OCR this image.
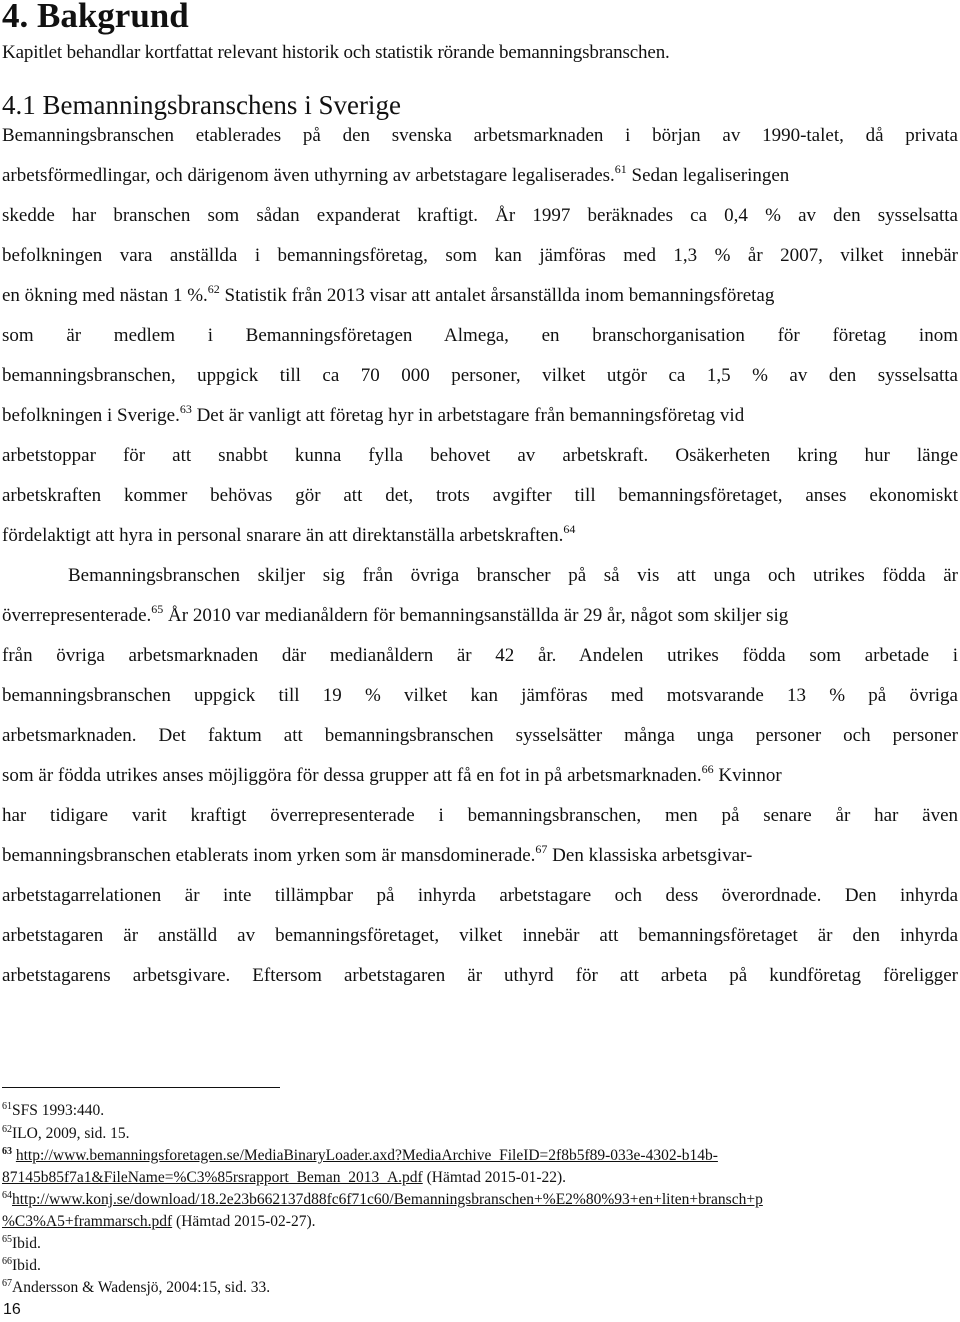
4. Bakgrund

Kapitlet behandlar kortfattat relevant historik och statistik rörande bemanningsbranschen.

4.1 Bemanningsbranschens i Sverige

Bemanningsbranschen etablerades på den svenska arbetsmarknaden i början av 1990-talet, då privata

arbetsförmedlingar, och därigenom även uthyrning av arbetstagare legaliserades.$^{61}$ Sedan legaliseringen

skedde har branschen som sådan expanderat kraftigt. År 1997 beräknades ca 0,4 % av den sysselsatta

befolkningen vara anställda i bemanningsföretag, som kan jämföras med 1,3 % år 2007, vilket innebär

en ökning med nästan 1 %.$^{62}$ Statistik från 2013 visar att antalet årsanställda inom bemanningsföretag

som är medlem i Bemanningsföretagen Almega, en branschorganisation för företag inom

bemanningsbranschen, uppgick till ca 70 000 personer, vilket utgör ca 1,5 % av den sysselsatta

befolkningen i Sverige.$^{63}$ Det är vanligt att företag hyr in arbetstagare från bemanningsföretag vid

arbetstoppar för att snabbt kunna fylla behovet av arbetskraft. Osäkerheten kring hur länge

arbetskraften kommer behövas gör att det, trots avgifter till bemanningsföretaget, anses ekonomiskt

fördelaktigt att hyra in personal snarare än att direktanställa arbetskraften.$^{64}$

Bemanningsbranschen skiljer sig från övriga branscher på så vis att unga och utrikes födda är

överrepresenterade.$^{65}$ År 2010 var medianåldern för bemanningsanställda är 29 år, något som skiljer sig

från övriga arbetsmarknaden där medianåldern är 42 år. Andelen utrikes födda som arbetade i

bemanningsbranschen uppgick till 19 % vilket kan jämföras med motsvarande 13 % på övriga

arbetsmarknaden. Det faktum att bemanningsbranschen sysselsätter många unga personer och personer

som är födda utrikes anses möjliggöra för dessa grupper att få en fot in på arbetsmarknaden.$^{66}$ Kvinnor

har tidigare varit kraftigt överrepresenterade i bemanningsbranschen, men på senare år har även

bemanningsbranschen etablerats inom yrken som är mansdominerade.$^{67}$ Den klassiska arbetsgivar-

arbetstagarrelationen är inte tillämpbar på inhyrda arbetstagare och dess överordnade. Den inhyrda

arbetstagaren är anställd av bemanningsföretaget, vilket innebär att bemanningsföretaget är den inhyrda

arbetstagarens arbetsgivare. Eftersom arbetstagaren är uthyrd för att arbeta på kundföretag föreligger

$^{61}$SFS 1993:440.

$^{62}$ILO, 2009, sid. 15.

$^{63}$ http://www.bemanningsforetagen.se/MediaBinaryLoader.axd?MediaArchive_FileID=2f8b5f89-033e-4302-b14b-

87145b85f7a1&FileName=%C3%85rsrapport_Beman_2013_A.pdf (Hämtad 2015-01-22).

$^{64}$http://www.konj.se/download/18.2e23b662137d88fc6f71c60/Bemanningsbranschen+%E2%80%93+en+liten+bransch+p

%C3%A5+frammarsch.pdf (Hämtad 2015-02-27).

$^{65}$Ibid.

$^{66}$Ibid.

$^{67}$Andersson & Wadensjö, 2004:15, sid. 33.

16
